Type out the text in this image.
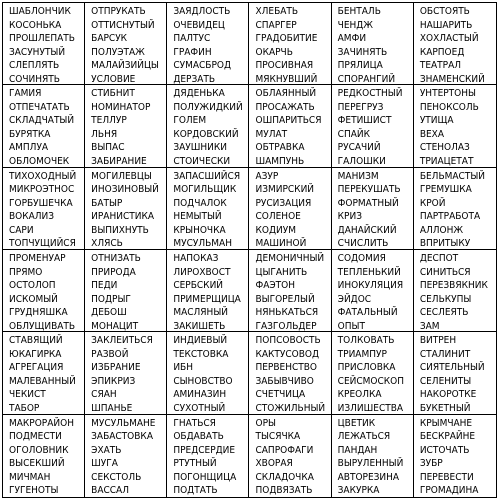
ШАБЛОНЧИК
КОСОНЬКА
ПРОШЛЕПАТЬ
ЗАСУНУТЫЙ
СЛЕПЛЯТЬ
СОЧИНЯТЬ
ОТПРУКАТЬ
ОТТИСНУТЫЙ
БАРСУК
ПОЛУЭТАЖ
МАЛАЙЗИЙЦЫ
УСЛОВИЕ
ЗАЯДЛОСТЬ
ОЧЕВИДЕЦ
ПАЛТУС
ГРАФИН
СУМАСБРОД
ДЕРЗАТЬ
ХЛЕБАТЬ
СПАРГЕР
ГРАДОБИТИЕ
ОКАРЧЬ
ПРОСИВНАЯ
МЯКНУВШИЙ
БЕНТАЛЬ
ЧЕНДЖ
АМФИ
ЗАЧИНЯТЬ
ПРЯЛИЦА
СПОРАНГИЙ
ОБСТОЯТЬ
НАШАРИТЬ
ХОХЛАСТЫЙ
КАРПОЕД
ТЕАТРАЛ
ЗНАМЕНСКИЙ
ГАМИЯ
ОТПЕЧАТАТЬ
СКЛАДЧАТЫЙ
БУРЯТКА
АМПЛУА
ОБЛОМОЧЕК
СТИБНИТ
НОМИНАТОР
ТЕЛЛУР
ЛЬНЯ
ВЫПАС
ЗАБИРАНИЕ
ДЯДЕНЬКА
ПОЛУЖИДКИЙ
ГОЛЕМ
КОРДОВСКИЙ
ЗАУШНИКИ
СТОИЧЕСКИ
ОБЛАЯННЫЙ
ПРОСАЖАТЬ
ОШПАРИТЬСЯ
МУЛАТ
ОБТРАВКА
ШАМПУНЬ
РЕДКОСТНЫЙ
ПЕРЕГРУЗ
ФЕТИШИСТ
СПАЙК
РУСАЧИЙ
ГАЛОШКИ
УНТЕРТОНЫ
ПЕНОКСОЛЬ
УТИЩА
ВЕХА
СТЕНОЛАЗ
ТРИАЦЕТАТ
ТИХОХОДНЫЙ
МИКРОЭТНОС
ГОРБУШЕЧКА
ВОКАЛИЗ
САРИ
ТОПЧУЩИЙСЯ
МОГИЛЕВЦЫ
ИНОЗИНОВЫЙ
БАТЫР
ИРАНИСТИКА
ВЫПИХНУТЬ
ХЛЯСЬ
ЗАПАСШИЙСЯ
МОГИЛЬЩИК
ПОДЧАЛОК
НЕМЫТЫЙ
КРЫНОЧКА
МУСУЛЬМАН
АЗУР
ИЗМИРСКИЙ
РУСИЗАЦИЯ
СОЛЕНОЕ
КОДИУМ
МАШИНОЙ
МАНИЗМ
ПЕРЕКУШАТЬ
ФОРМАТНЫЙ
КРИЗ
ДАНАЙСКИЙ
СЧИСЛИТЬ
БЕЛЬМАСТЫЙ
ГРЕМУШКА
КРОЙ
ПАРТРАБОТА
АЛЛОНЖ
ВПРИТЫКУ
ПРОМЕНУАР
ПРЯМО
ОСТОЛОП
ИСКОМЫЙ
ГРУДНЯШКА
ОБЛУЩИВАТЬ
ОТНИЗАТЬ
ПРИРОДА
ПЕДИ
ПОДРЫГ
ДЕБОШ
МОНАЦИТ
НАПОКАЗ
ЛИРОХВОСТ
СЕРБСКИЙ
ПРИМЕРЩИЦА
МАСЛЯНЫЙ
ЗАКИШЕТЬ
ДЕМОНИЧНЫЙ
ЦЫГАНИТЬ
ФАЭТОН
ВЫГОРЕЛЫЙ
НЯНЬКАТЬСЯ
ГАЗГОЛЬДЕР
СОДОМИЯ
ТЕПЛЕНЬКИЙ
ИНОКУЛЯЦИЯ
ЭЙДОС
ФАТАЛЬНЫЙ
ОПЫТ
ДЕСПОТ
СИНИТЬСЯ
ПЕРЕЗВЯКНИК
СЕЛЬКУПЫ
СЕСЛЕЯТЬ
ЗАМ
СТАВЯЩИЙ
ЮКАГИРКА
АГРЕГАЦИЯ
МАЛЕВАННЫЙ
ЧЕКИСТ
ТАБОР
ЗАКЛЕИТЬСЯ
РАЗВОЙ
ИЗБРАНИЕ
ЭПИКРИЗ
СЯАН
ШПАНЬЕ
ИНДИЕВЫЙ
ТЕКСТОВКА
ИБН
СЫНОВСТВО
АМИНАЗИН
СУХОТНЫЙ
ПОПСОВОСТЬ
КАКТУСОВОД
ПЕРВЕНСТВО
ЗАБЫВЧИВО
СЧЕТЧИЦА
СТОЖИЛЬНЫЙ
ТОЛКОВАТЬ
ТРИАМПУР
ПРИСЛОВКА
СЕЙСМОСКОП
КРЕОЛКА
ИЗЛИШЕСТВА
ВИТРЕН
СТАЛИНИТ
СИЯТЕЛЬНЫЙ
СЕЛЕНИТЫ
НАКОРОТКЕ
БУКЕТНЫЙ
МАКРОРАЙОН
ПОДМЕСТИ
ОГОЛОВНИК
ВЫСЕКШИЙ
МИЧМАН
ГУГЕНОТЫ
МУСУЛЬМАНЕ
ЗАБАСТОВКА
ЭХАТЬ
ШУГА
СЕКСТОЛЬ
ВАССАЛ
ГНАТЬСЯ
ОБДАВАТЬ
ПРЕДСЕРДИЕ
РТУТНЫЙ
ПОГОНЩИЦА
ПОДТАТЬ
ОРЫ
ТЫСЯЧКА
САПРОФАГИ
ХВОРАЯ
СКЛАДОЧКА
ПОДВЯЗАТЬ
ЦВЕТИК
ЛЕЖАТЬСЯ
ПАНДАН
ВЫРУЛЕННЫЙ
АВТОРЕЗИНА
ЗАКУРКА
КРЫМЧАНЕ
БЕСКРАЙНЕ
ИСТОЧАТЬ
ЗУБР
ПЕРЕВЕСТИ
ГРОМАДИНА
